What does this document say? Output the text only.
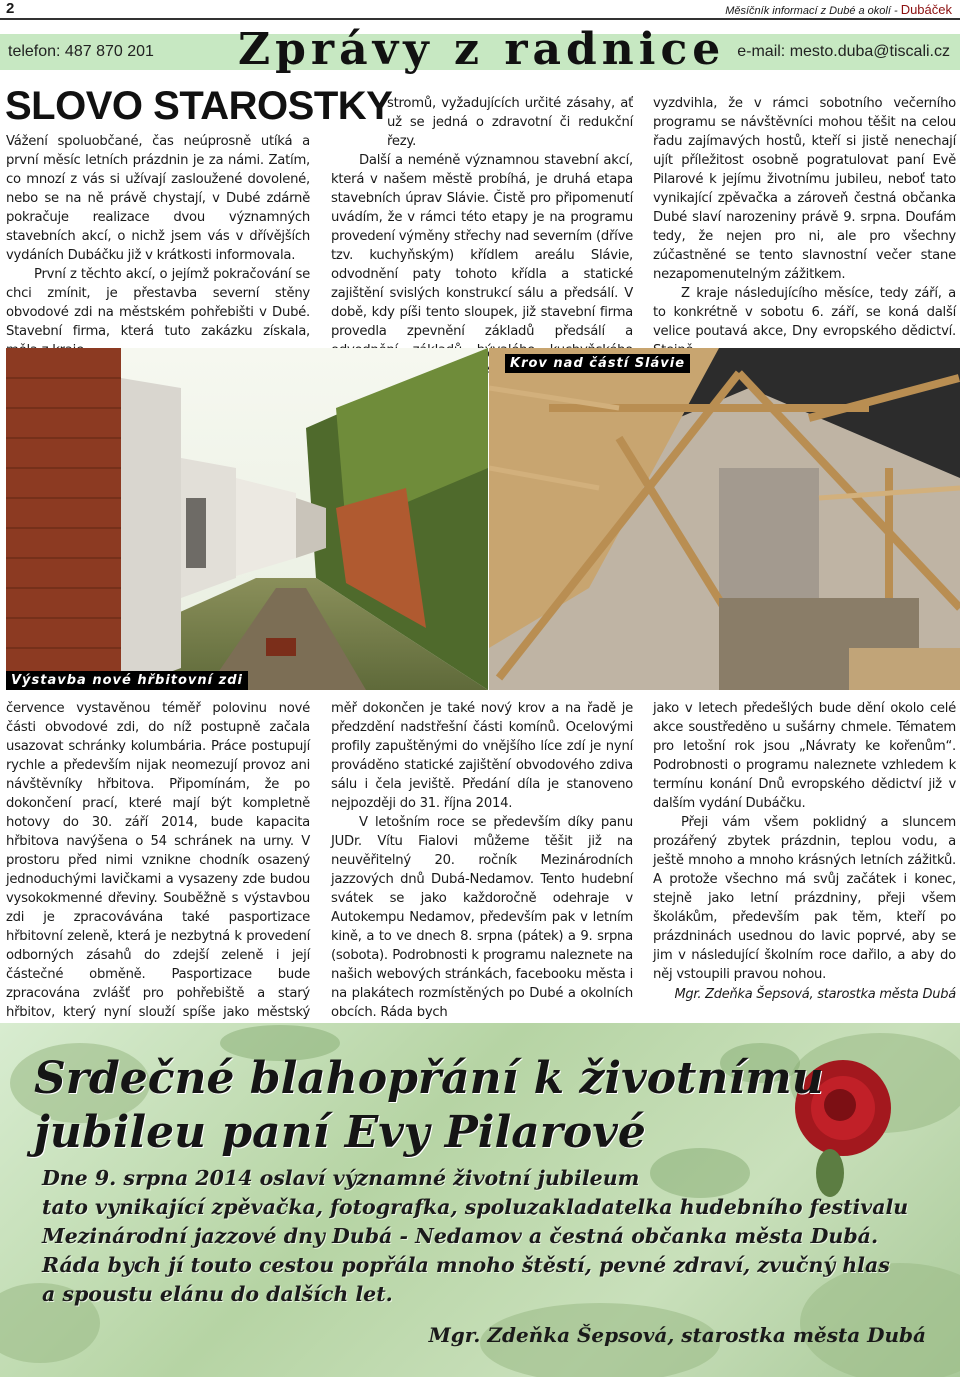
2	Měsíčník informací z Dubé a okolí - Dubáček
telefon: 487 870 201 Zprávy z radnice e-mail: mesto.duba@tiscali.cz
SLOVO STAROSTKY

Vážení spoluobčané, čas neúprosně utíká a první měsíc letních prázdnin je za námi. Zatím, co mnozí z vás si užívají zasloužené dovolené, nebo se na ně právě chystají, v Dubé zdárně pokračuje realizace dvou významných stavebních akcí, o nichž jsem vás v dřívějších vydáních Dubáčku již v krátkosti informovala.

První z těchto akcí, o jejímž pokračování se chci zmínit, je přestavba severní stěny obvodové zdi na městském pohřebišti v Dubé. Stavební firma, která tuto zakázku získala,

stromů, vyžadujících určité zásahy, ať už se jedná o zdravotní či redukční řezy.

Další a neméně významnou stavební akcí, která v našem městě probíhá, je druhá etapa stavebních úprav Slávie. Čistě pro připomenutí uvádím, že v rámci této etapy je na programu provedení výměny střechy nad severním (dříve tzv. kuchyňským) křídlem areálu Slávie, odvodnění paty tohoto křídla a statické zajištění svislých konstrukcí sálu a předsálí. V době, kdy píši tento sloupek, již stavební firma provedla zpevnění základů předsálí a

vyzdvihla, že v rámci sobotního večerního programu se návštěvníci mohou těšit na celou řadu zajímavých hostů, kteří si jistě nenechají ujít příležitost osobně pogratulovat paní Evě Pilarové k jejímu životnímu jubileu, neboť tato vynikající zpěvačka a zároveň čestná občanka Dubé slaví narozeniny právě 9. srpna. Doufám tedy, že nejen pro ni, ale pro všechny zúčastněné se tento slavnostní večer stane nezapomenutelným zážitkem.

Z kraje následujícího měsíce, tedy září, a to konkrétně v sobotu 6. září, se koná další velice poutavá akce, Dny evropského dědictví.

Výstavba nové hřbitovní zdi
Krov nad částí Slávie

července vystavěnou téměř polovinu nové části obvodové zdi, do níž postupně začala usazovat schránky kolumbária. Práce postupují rychle a především nijak neomezují provoz ani návštěvníky hřbitova. Připomínám, že po dokončení prací, které mají být kompletně hotovy do 30. září 2014, bude kapacita hřbitova navýšena o 54 schránek na urny. V prostoru před nimi vznikne chodník osazený jednoduchými lavičkami a vysazeny zde budou vysokokmenné dřeviny. Souběžně s výstavbou zdi je zpracovávána také pasportizace hřbitovní zeleně, která je nezbytná k provedení odborných zásahů do zdejší zeleně i její částečné obměně. Pasportizace bude zpracována zvlášť pro pohřebiště a starý hřbitov, který nyní slouží spíše jako městský

měř dokončen je také nový krov a na řadě je předzdění nadstřešní části komínů. Ocelovými profily zapuštěnými do vnějšího líce zdí je nyní prováděno statické zajištění obvodového zdiva sálu i čela jeviště. Předání díla je stanoveno nejpozději do 31. října 2014.

V letošním roce se především díky panu JUDr. Vítu Fialovi můžeme těšit již na neuvěřitelný 20. ročník Mezinárodních jazzových dnů Dubá-Nedamov. Tento hudební svátek se jako každoročně odehraje v Autokempu Nedamov, především pak v letním kině, a to ve dnech 8. srpna (pátek) a 9. srpna (sobota). Podrobnosti k programu naleznete na našich webových stránkách, facebooku města i na plakátech rozmístěných po Dubé a okolních obcích. Ráda bych

jako v letech předešlých bude dění okolo celé akce soustředěno u sušárny chmele. Tématem pro letošní rok jsou „Návraty ke kořenům“. Podrobnosti o programu naleznete vzhledem k termínu konání Dnů evropského dědictví již v dalším vydání Dubáčku.

Přeji vám všem poklidný a sluncem prozářený zbytek prázdnin, teplou vodu, a ještě mnoho a mnoho krásných letních zážitků. A protože všechno má svůj začátek i konec, stejně jako letní prázdniny, přeji všem školákům, především pak těm, kteří po prázdninách usednou do lavic poprvé, aby se jim v následující školním roce dařilo, a aby do něj vstoupili pravou nohou.

Mgr. Zdeňka Šepsová, starostka města Dubá
Srdečné blahopřání k životnímu
jubileu paní Evy Pilarové
Dne 9. srpna 2014 oslaví významné životní jubileum
tato vynikající zpěvačka, fotografka, spoluzakladatelka hudebního festivalu
Mezinárodní jazzové dny Dubá - Nedamov a čestná občanka města Dubá.
Ráda bych jí touto cestou popřála mnoho štěstí, pevné zdraví, zvučný hlas
a spoustu elánu do dalších let.
Mgr. Zdeňka Šepsová, starostka města Dubá
